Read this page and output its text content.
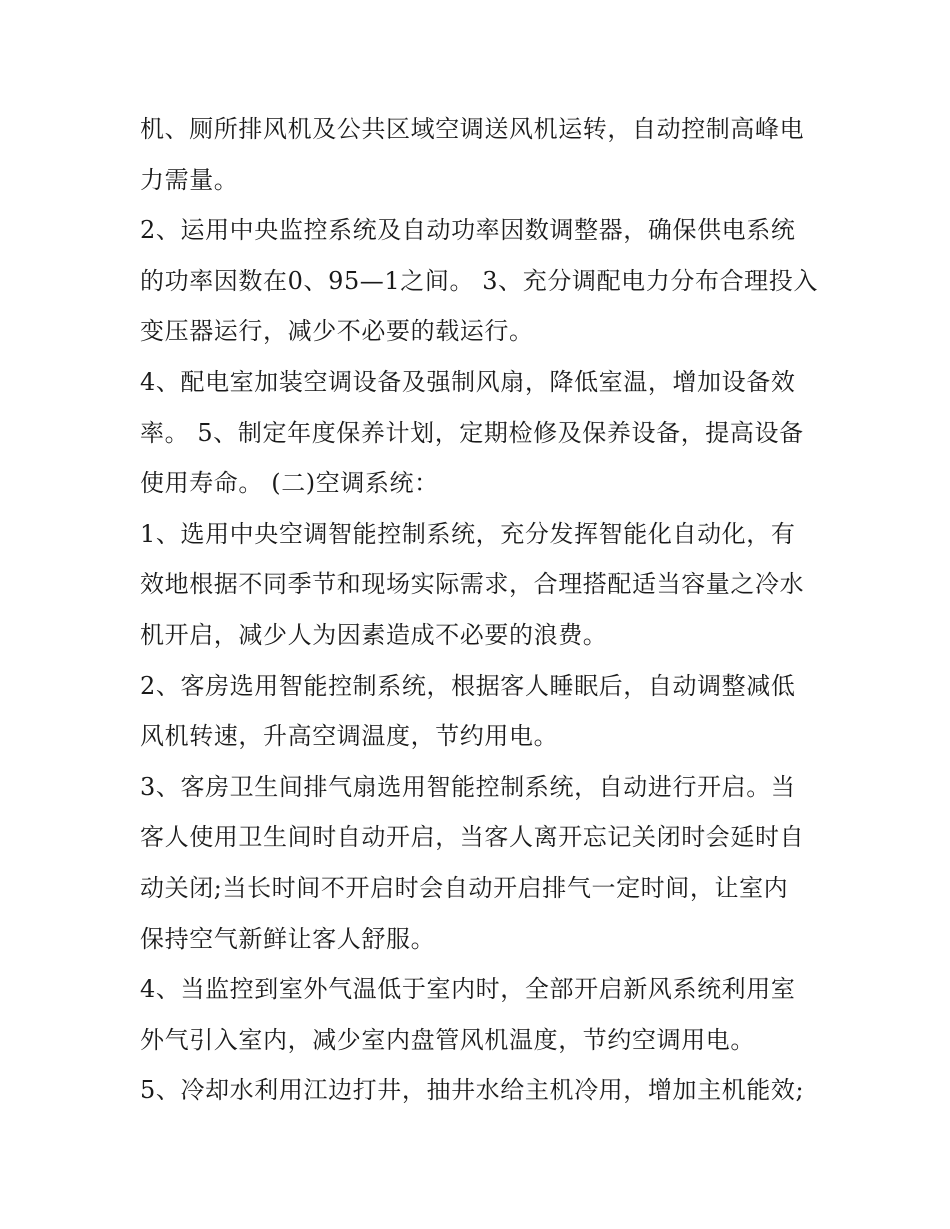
机、厕所排风机及公共区域空调送风机运转，自动控制高峰电
力需量。
2、运用中央监控系统及自动功率因数调整器，确保供电系统
的功率因数在0、95—1之间。 3、充分调配电力分布合理投入
变压器运行，减少不必要的载运行。
4、配电室加装空调设备及强制风扇，降低室温，增加设备效
率。 5、制定年度保养计划，定期检修及保养设备，提高设备
使用寿命。 (二)空调系统：
1、选用中央空调智能控制系统，充分发挥智能化自动化，有
效地根据不同季节和现场实际需求，合理搭配适当容量之冷水
机开启，减少人为因素造成不必要的浪费。
2、客房选用智能控制系统，根据客人睡眠后，自动调整减低
风机转速，升高空调温度，节约用电。
3、客房卫生间排气扇选用智能控制系统，自动进行开启。当
客人使用卫生间时自动开启，当客人离开忘记关闭时会延时自
动关闭;当长时间不开启时会自动开启排气一定时间，让室内
保持空气新鲜让客人舒服。
4、当监控到室外气温低于室内时，全部开启新风系统利用室
外气引入室内，减少室内盘管风机温度，节约空调用电。
5、冷却水利用江边打井，抽井水给主机冷用，增加主机能效;
